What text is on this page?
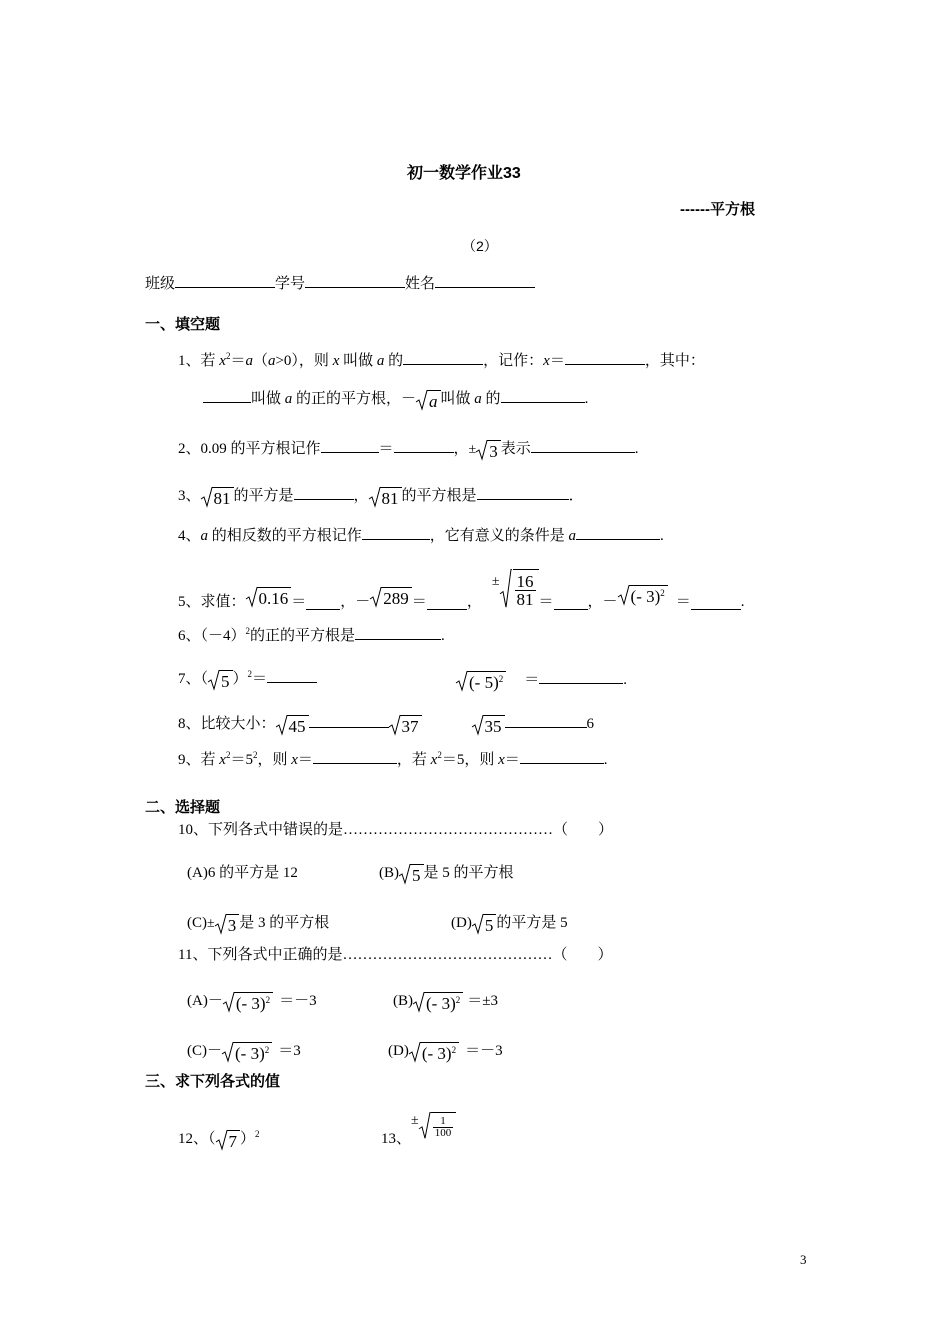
初一数学作业33
------平方根
（2）
班级	学号	姓名
一、填空题
1、若 $x^2=a(a>0)$，则 x 叫做 a 的	，记作：x＝	，其中：
叫做 a 的正的平方根，－ a 叫做 a 的	.
2、0.09 的平方根记作	＝	，± 3 表示	.
3、 81 的平方是	， 81 的平方根是	．
4、a 的相反数的平方根记作	，它有意义的条件是 a	.
5、求值： 0.16 ＝ ，－ 289 ＝	，
± $\frac{16}{81}$ ＝ ，－ (- 3)$^2$
＝	.
6、$(-4)^2$的正的平方根是	.
7、（ 5 ）$^2$＝	(- 5)$^2$ ＝	.
8、比较大小： 45	37	35	6
9、若 $x^2=5^2$，则 x＝	，若 $x^2=5$，则 x＝	.
二、选择题
10、下列各式中错误的是……………………………………（　　）
(A)6 的平方是 12	(B) 5 是 5 的平方根
(C)± 3 是 3 的平方根	(D) 5 的平方是 5
11、下列各式中正确的是……………………………………（　　）
(A)－ (- 3)$^2$ ＝－3	(B) (- 3)$^2$ ＝±3
(C)－ (- 3)$^2$ ＝3	(D) (- 3)$^2$ ＝－3
三、求下列各式的值
12、（ 7 ）$^2$	13、
± $\frac{1}{100}$
3
